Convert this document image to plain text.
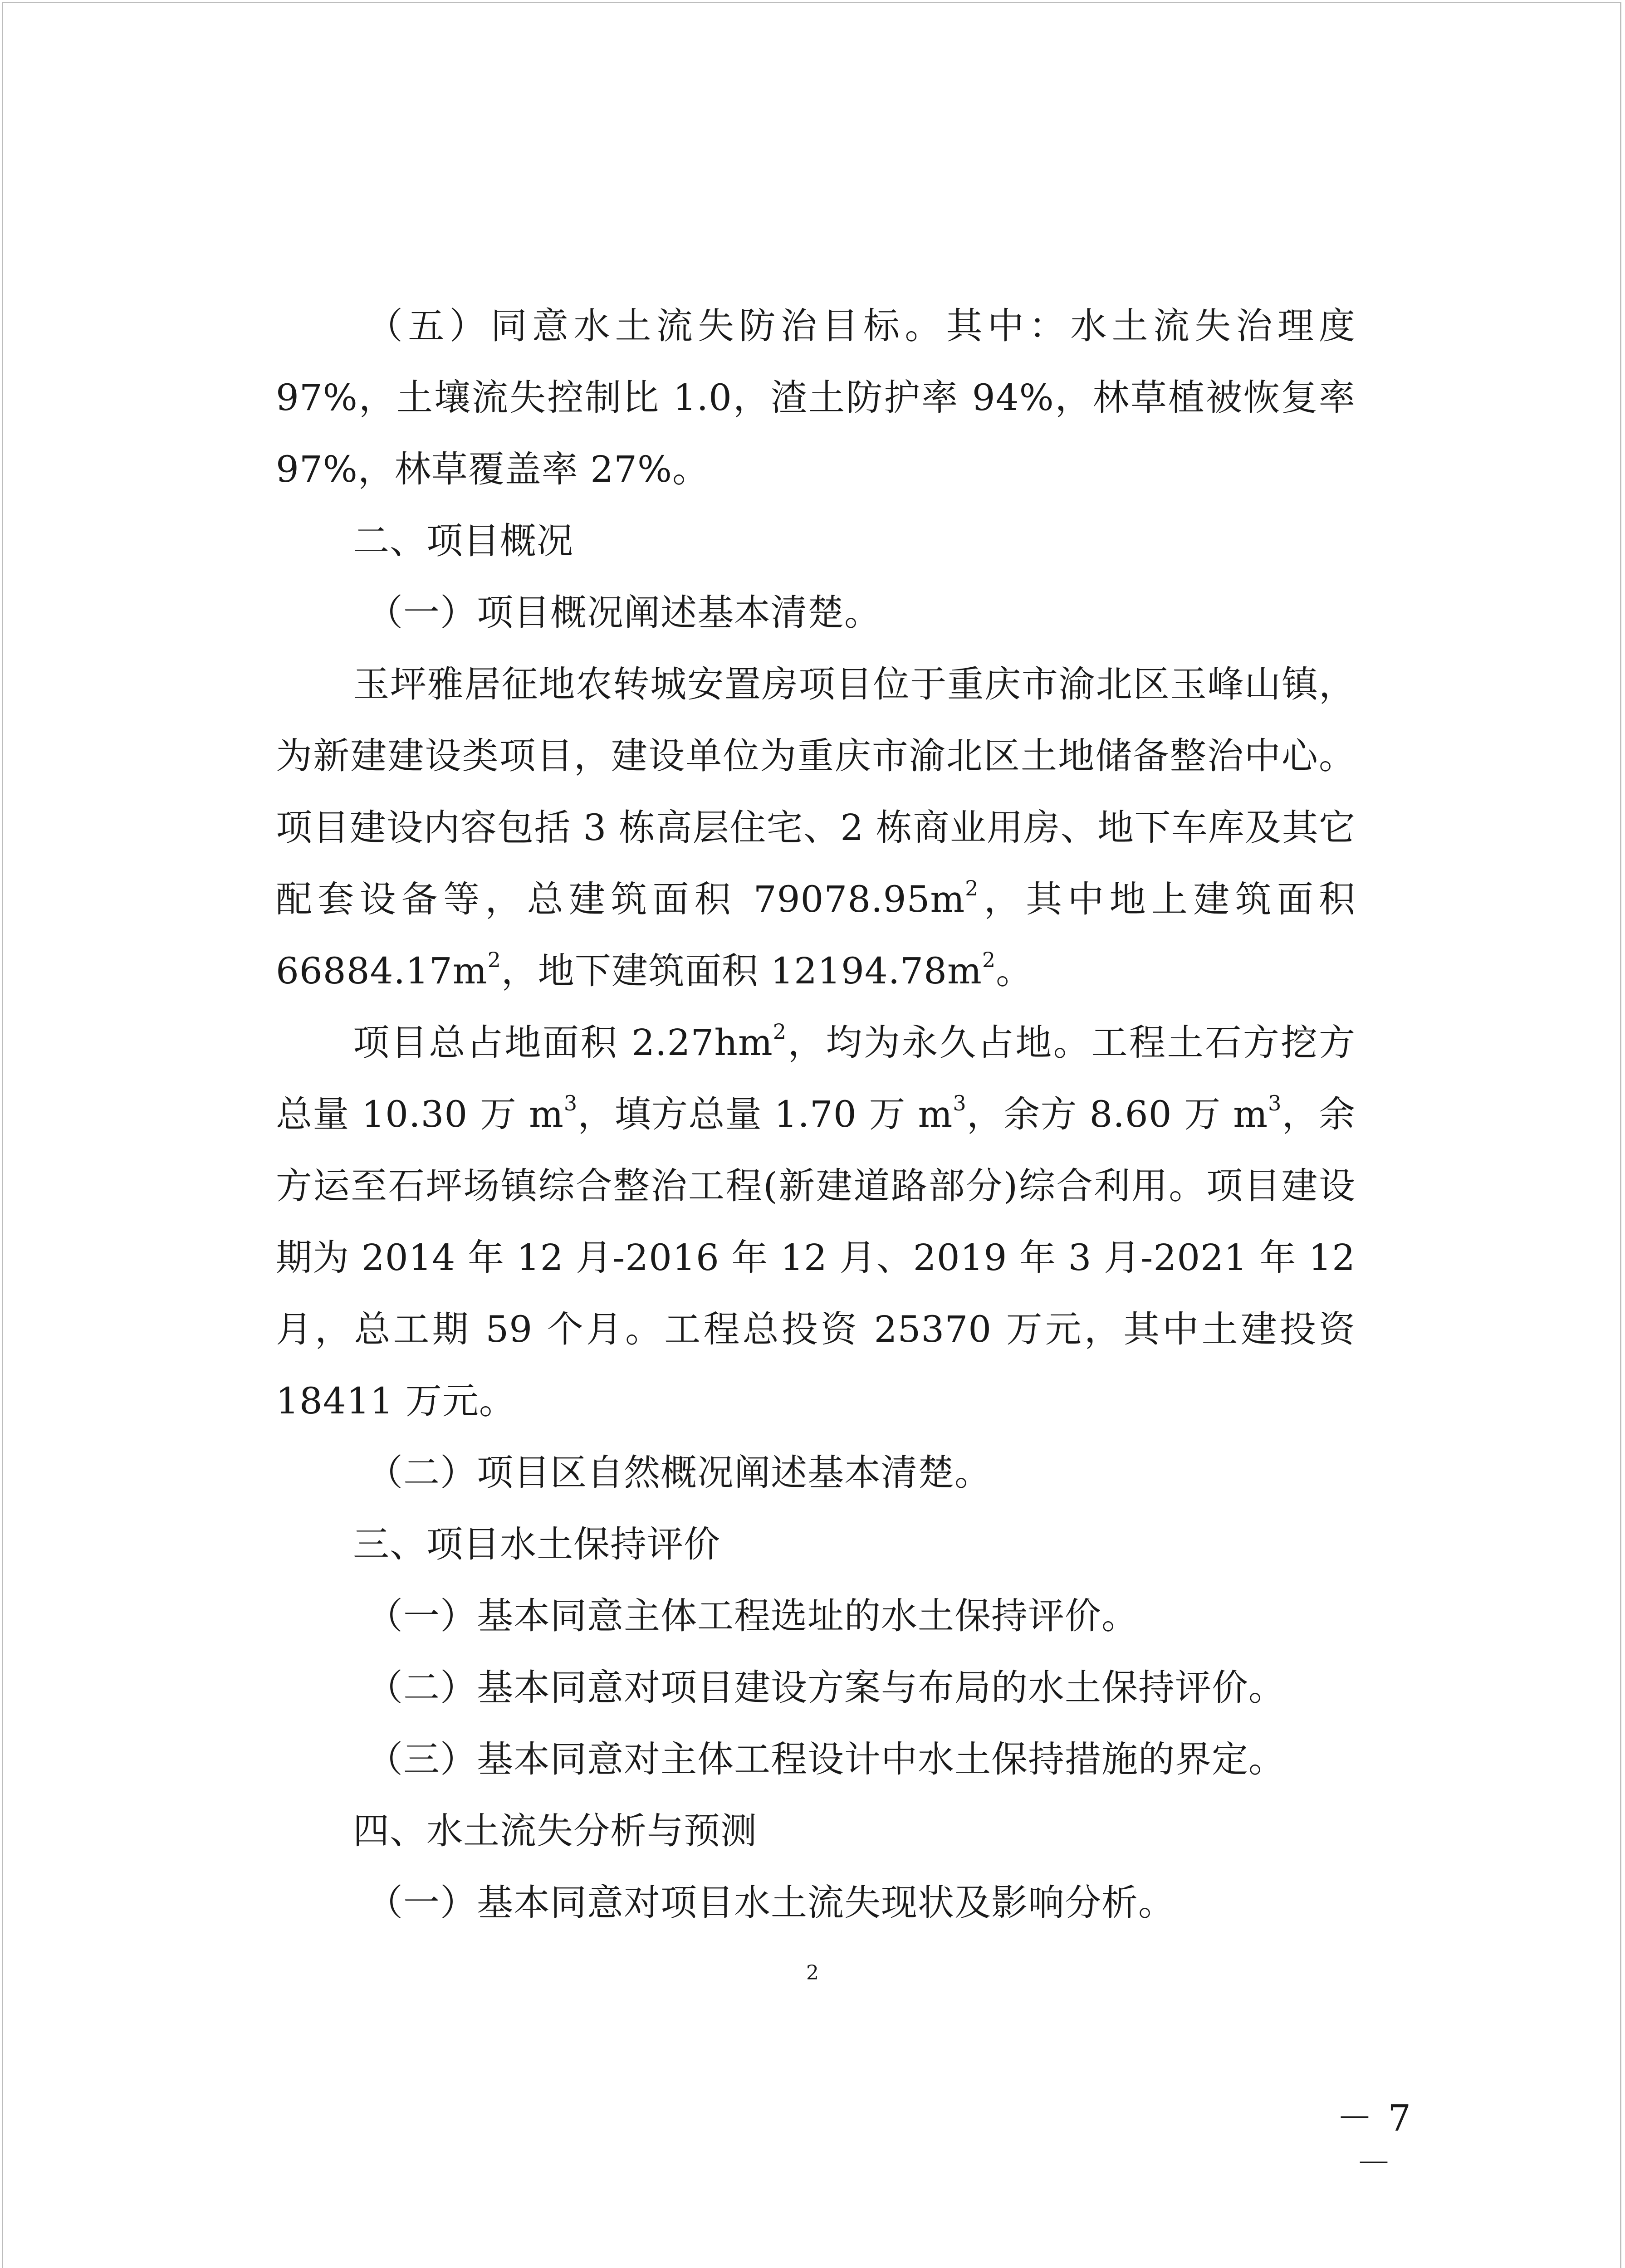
（五）同意水土流失防治目标。其中：水土流失治理度 97%，土壤流失控制比 1.0，渣土防护率 94%，林草植被恢复率 97%，林草覆盖率 27%。

二、项目概况

（一）项目概况阐述基本清楚。

玉坪雅居征地农转城安置房项目位于重庆市渝北区玉峰山镇，为新建建设类项目，建设单位为重庆市渝北区土地储备整治中心。项目建设内容包括 3 栋高层住宅、2 栋商业用房、地下车库及其它配套设备等，总建筑面积 $79078.95m^2$，其中地上建筑面积 $66884.17m^2$，地下建筑面积 $12194.78m^2$。

项目总占地面积 $2.27hm^2$，均为永久占地。工程土石方挖方总量 10.30 万 $m^3$，填方总量 1.70 万 $m^3$，余方 8.60 万 $m^3$，余方运至石坪场镇综合整治工程(新建道路部分)综合利用。项目建设期为 2014 年 12 月-2016 年 12 月、2019 年 3 月-2021 年 12 月，总工期 59 个月。工程总投资 25370 万元，其中土建投资 18411 万元。

（二）项目区自然概况阐述基本清楚。

三、项目水土保持评价

（一）基本同意主体工程选址的水土保持评价。

（二）基本同意对项目建设方案与布局的水土保持评价。

（三）基本同意对主体工程设计中水土保持措施的界定。

四、水土流失分析与预测

（一）基本同意对项目水土流失现状及影响分析。

2
－ 7 －
